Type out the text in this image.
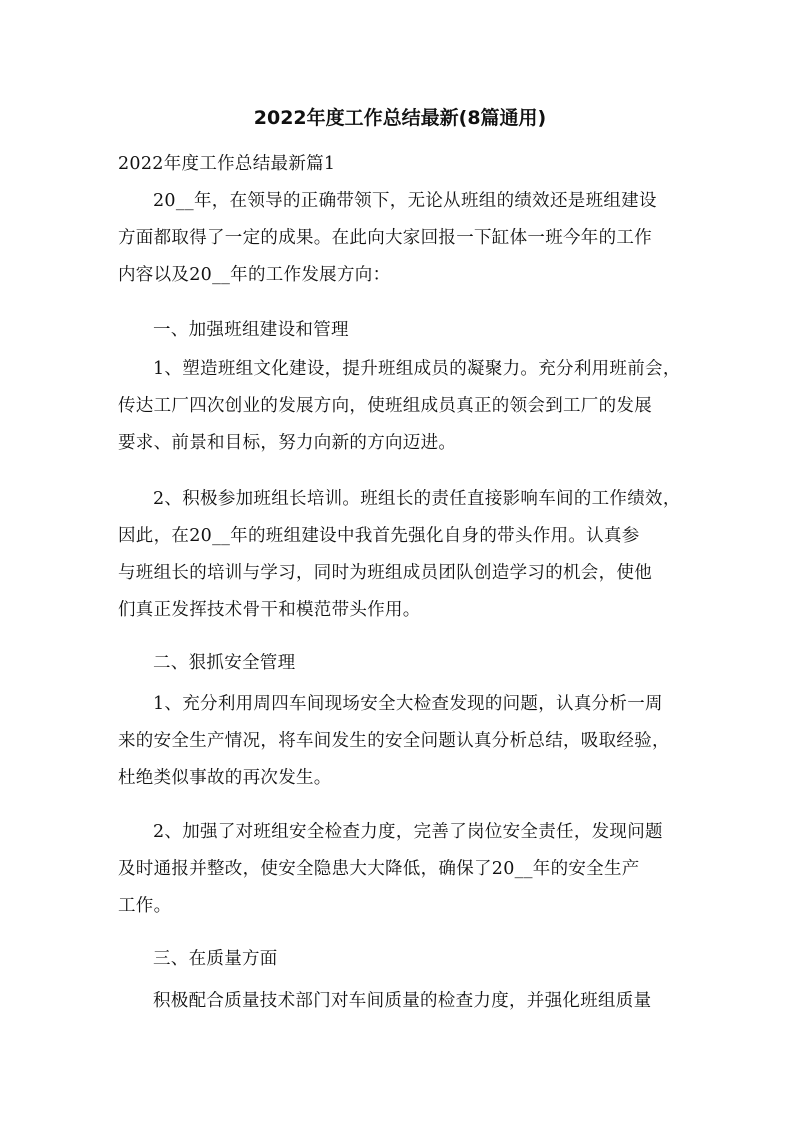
2022年度工作总结最新(8篇通用)

2022年度工作总结最新篇1

20__年，在领导的正确带领下，无论从班组的绩效还是班组建设
方面都取得了一定的成果。在此向大家回报一下缸体一班今年的工作
内容以及20__年的工作发展方向：

一、加强班组建设和管理

1、塑造班组文化建设，提升班组成员的凝聚力。充分利用班前会，
传达工厂四次创业的发展方向，使班组成员真正的领会到工厂的发展
要求、前景和目标，努力向新的方向迈进。

2、积极参加班组长培训。班组长的责任直接影响车间的工作绩效，
因此，在20__年的班组建设中我首先强化自身的带头作用。认真参
与班组长的培训与学习，同时为班组成员团队创造学习的机会，使他
们真正发挥技术骨干和模范带头作用。

二、狠抓安全管理

1、充分利用周四车间现场安全大检查发现的问题，认真分析一周
来的安全生产情况，将车间发生的安全问题认真分析总结，吸取经验，
杜绝类似事故的再次发生。

2、加强了对班组安全检查力度，完善了岗位安全责任，发现问题
及时通报并整改，使安全隐患大大降低，确保了20__年的安全生产
工作。

三、在质量方面

积极配合质量技术部门对车间质量的检查力度，并强化班组质量
